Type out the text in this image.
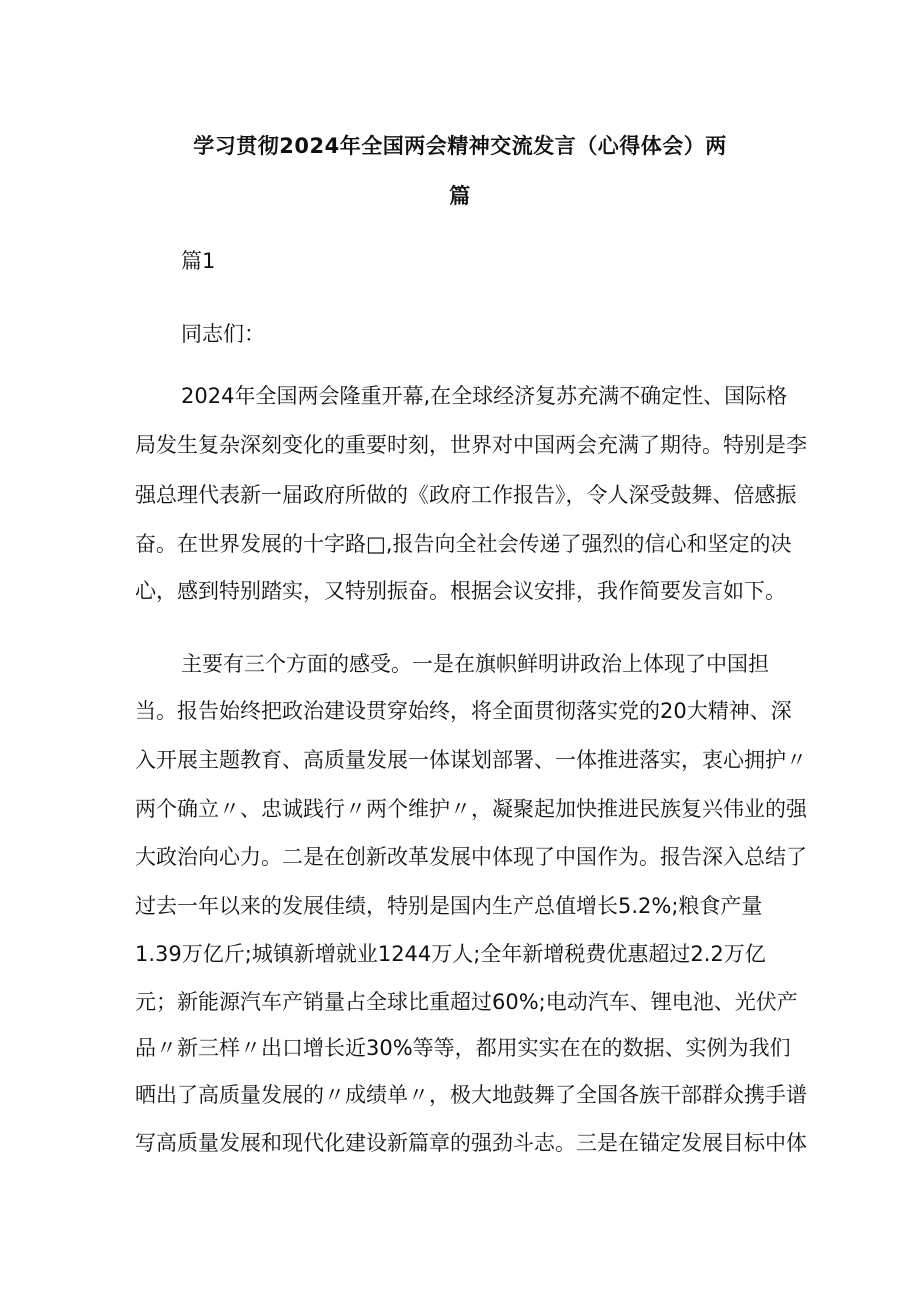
学习贯彻2024年全国两会精神交流发言（心得体会）两
篇
篇1
同志们：
2024年全国两会隆重开幕,在全球经济复苏充满不确定性、国际格
局发生复杂深刻变化的重要时刻，世界对中国两会充满了期待。特别是李
强总理代表新一届政府所做的《政府工作报告》，令人深受鼓舞、倍感振
奋。在世界发展的十字路□,报告向全社会传递了强烈的信心和坚定的决
心，感到特别踏实，又特别振奋。根据会议安排，我作简要发言如下。
主要有三个方面的感受。一是在旗帜鲜明讲政治上体现了中国担
当。报告始终把政治建设贯穿始终，将全面贯彻落实党的20大精神、深
入开展主题教育、高质量发展一体谋划部署、一体推进落实，衷心拥护〃
两个确立〃、忠诚践行〃两个维护〃，凝聚起加快推进民族复兴伟业的强
大政治向心力。二是在创新改革发展中体现了中国作为。报告深入总结了
过去一年以来的发展佳绩，特别是国内生产总值增长5.2%;粮食产量
1.39万亿斤;城镇新增就业1244万人;全年新增税费优惠超过2.2万亿
元；新能源汽车产销量占全球比重超过60%;电动汽车、锂电池、光伏产
品〃新三样〃出口增长近30%等等，都用实实在在的数据、实例为我们
晒出了高质量发展的〃成绩单〃，极大地鼓舞了全国各族干部群众携手谱
写高质量发展和现代化建设新篇章的强劲斗志。三是在锚定发展目标中体
